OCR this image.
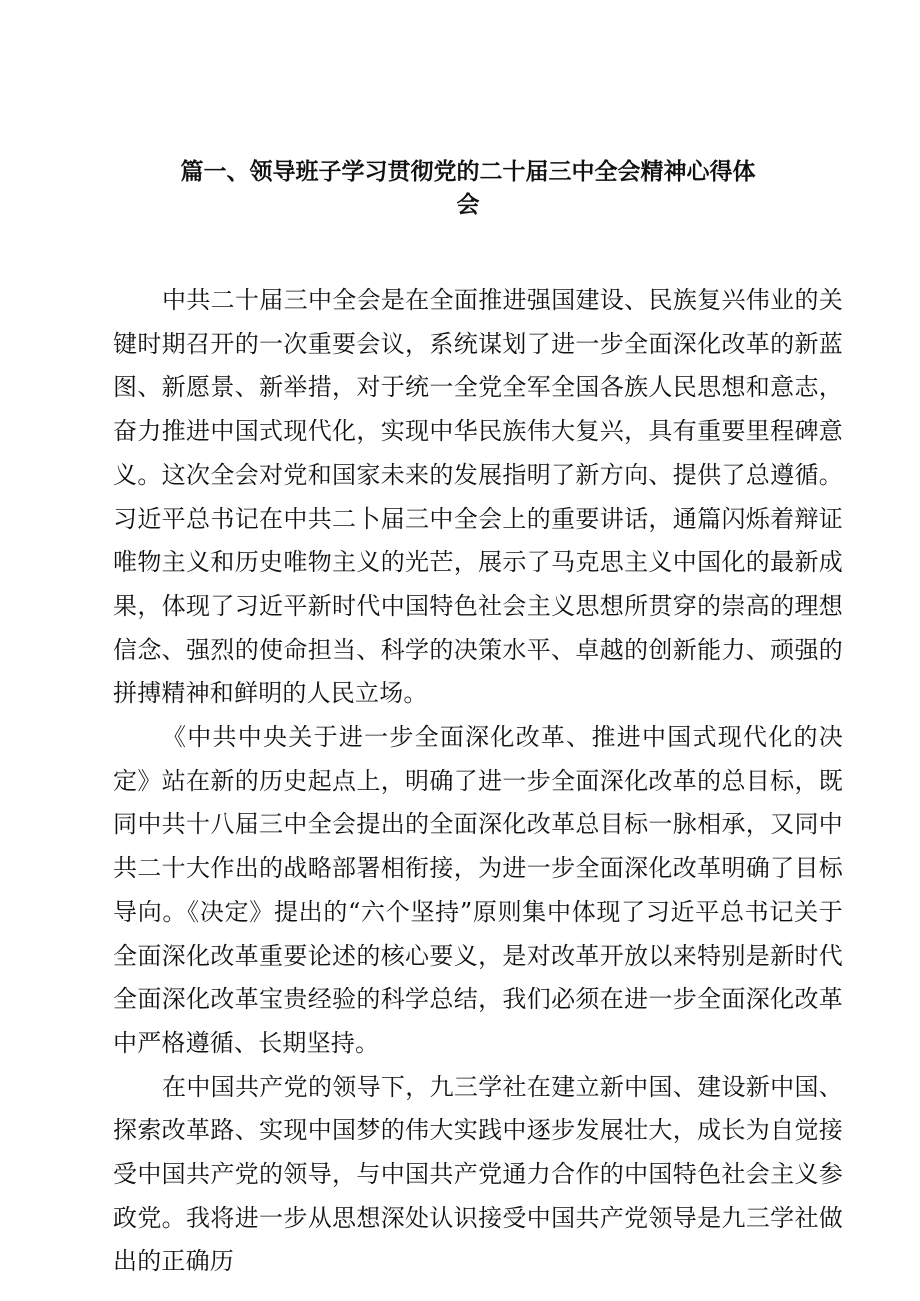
篇一、领导班子学习贯彻党的二十届三中全会精神心得体
会

中共二十届三中全会是在全面推进强国建设、民族复兴伟业的关键时期召开的一次重要会议，系统谋划了进一步全面深化改革的新蓝图、新愿景、新举措，对于统一全党全军全国各族人民思想和意志，奋力推进中国式现代化，实现中华民族伟大复兴，具有重要里程碑意义。这次全会对党和国家未来的发展指明了新方向、提供了总遵循。习近平总书记在中共二卜届三中全会上的重要讲话，通篇闪烁着辩证唯物主义和历史唯物主义的光芒，展示了马克思主义中国化的最新成果，体现了习近平新时代中国特色社会主义思想所贯穿的崇高的理想信念、强烈的使命担当、科学的决策水平、卓越的创新能力、顽强的拼搏精神和鲜明的人民立场。

《中共中央关于进一步全面深化改革、推进中国式现代化的决定》站在新的历史起点上，明确了进一步全面深化改革的总目标，既同中共十八届三中全会提出的全面深化改革总目标一脉相承，又同中共二十大作出的战略部署相衔接，为进一步全面深化改革明确了目标导向。《决定》提出的“六个坚持”原则集中体现了习近平总书记关于全面深化改革重要论述的核心要义，是对改革开放以来特别是新时代全面深化改革宝贵经验的科学总结，我们必须在进一步全面深化改革中严格遵循、长期坚持。

在中国共产党的领导下，九三学社在建立新中国、建设新中国、探索改革路、实现中国梦的伟大实践中逐步发展壮大，成长为自觉接受中国共产党的领导，与中国共产党通力合作的中国特色社会主义参政党。我将进一步从思想深处认识接受中国共产党领导是九三学社做出的正确历
